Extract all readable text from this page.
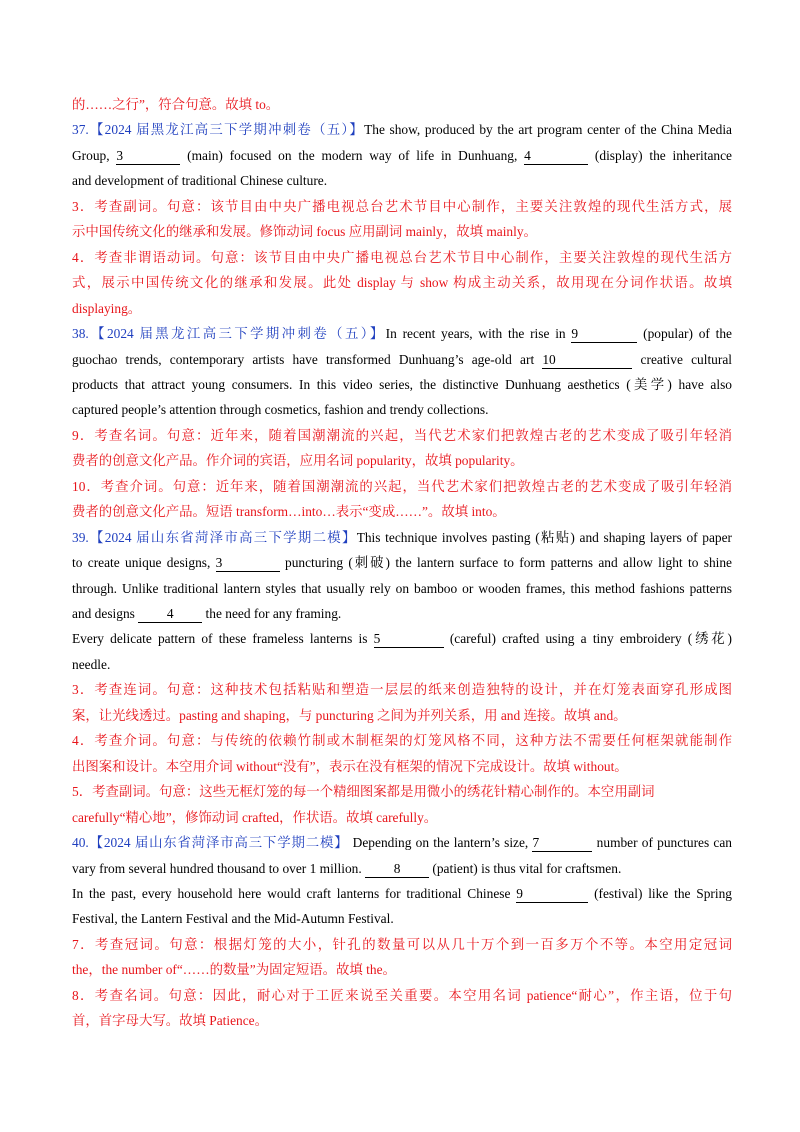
的……之行”，符合句意。故填 to。
37.【2024 届黑龙江高三下学期冲刺卷（五）】The show, produced by the art program center of the China Media
Group, 3	(main) focused on the modern way of life in Dunhuang, 4	(display) the inheritance
and development of traditional Chinese culture.
3．考查副词。句意：该节目由中央广播电视总台艺术节目中心制作，主要关注敦煌的现代生活方式，展
示中国传统文化的继承和发展。修饰动词 focus 应用副词 mainly，故填 mainly。
4．考查非谓语动词。句意：该节目由中央广播电视总台艺术节目中心制作，主要关注敦煌的现代生活方
式，展示中国传统文化的继承和发展。此处 display 与 show 构成主动关系，故用现在分词作状语。故填
displaying。
38.【2024 届黑龙江高三下学期冲刺卷（五）】In recent years, with the rise in 9	(popular) of the
guochao trends, contemporary artists have transformed Dunhuang’s age-old art 10	creative cultural
products that attract young consumers. In this video series, the distinctive Dunhuang aesthetics (美学) have also
captured people’s attention through cosmetics, fashion and trendy collections.
9．考查名词。句意：近年来，随着国潮潮流的兴起，当代艺术家们把敦煌古老的艺术变成了吸引年轻消
费者的创意文化产品。作介词的宾语，应用名词 popularity，故填 popularity。
10．考查介词。句意：近年来，随着国潮潮流的兴起，当代艺术家们把敦煌古老的艺术变成了吸引年轻消
费者的创意文化产品。短语 transform…into…表示“变成……”。故填 into。
39.【2024 届山东省菏泽市高三下学期二模】This technique involves pasting (粘贴) and shaping layers of paper
to create unique designs, 3	puncturing (刺破) the lantern surface to form patterns and allow light to shine
through. Unlike traditional lantern styles that usually rely on bamboo or wooden frames, this method fashions patterns
and designs 4 the need for any framing.
Every delicate pattern of these frameless lanterns is 5	(careful) crafted using a tiny embroidery (绣花)
needle.
3．考查连词。句意：这种技术包括粘贴和塑造一层层的纸来创造独特的设计，并在灯笼表面穿孔形成图
案，让光线透过。pasting and shaping，与 puncturing 之间为并列关系，用 and 连接。故填 and。
4．考查介词。句意：与传统的依赖竹制或木制框架的灯笼风格不同，这种方法不需要任何框架就能制作
出图案和设计。本空用介词 without“没有”，表示在没有框架的情况下完成设计。故填 without。
5．考查副词。句意：这些无框灯笼的每一个精细图案都是用微小的绣花针精心制作的。本空用副词
carefully“精心地”，修饰动词 crafted，作状语。故填 carefully。
40.【2024 届山东省菏泽市高三下学期二模】 Depending on the lantern’s size, 7	number of punctures can
vary from several hundred thousand to over 1 million. 8 (patient) is thus vital for craftsmen.
In the past, every household here would craft lanterns for traditional Chinese 9	(festival) like the Spring
Festival, the Lantern Festival and the Mid-Autumn Festival.
7．考查冠词。句意：根据灯笼的大小，针孔的数量可以从几十万个到一百多万个不等。本空用定冠词
the，the number of“……的数量”为固定短语。故填 the。
8．考查名词。句意：因此，耐心对于工匠来说至关重要。本空用名词 patience“耐心”，作主语，位于句
首，首字母大写。故填 Patience。
